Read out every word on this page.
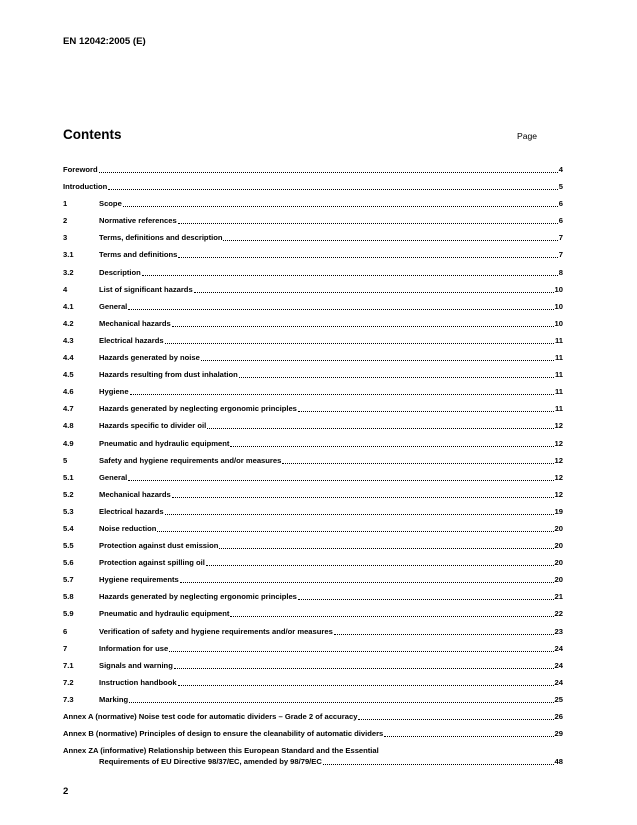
EN 12042:2005 (E)
Contents	Page
Foreword	4
Introduction	5
1	Scope	6
2	Normative references	6
3	Terms, definitions and description	7
3.1	Terms and definitions	7
3.2	Description	8
4	List of significant hazards	10
4.1	General	10
4.2	Mechanical hazards	10
4.3	Electrical hazards	11
4.4	Hazards generated by noise	11
4.5	Hazards resulting from dust inhalation	11
4.6	Hygiene	11
4.7	Hazards generated by neglecting ergonomic principles	11
4.8	Hazards specific to divider oil	12
4.9	Pneumatic and hydraulic equipment	12
5	Safety and hygiene requirements and/or measures	12
5.1	General	12
5.2	Mechanical hazards	12
5.3	Electrical hazards	19
5.4	Noise reduction	20
5.5	Protection against dust emission	20
5.6	Protection against spilling oil	20
5.7	Hygiene requirements	20
5.8	Hazards generated by neglecting ergonomic principles	21
5.9	Pneumatic and hydraulic equipment	22
6	Verification of safety and hygiene requirements and/or measures	23
7	Information for use	24
7.1	Signals and warning	24
7.2	Instruction handbook	24
7.3	Marking	25
Annex A (normative) Noise test code for automatic dividers – Grade 2 of accuracy	26
Annex B (normative) Principles of design to ensure the cleanability of automatic dividers	29
Annex ZA (informative) Relationship between this European Standard and the Essential
Requirements of EU Directive 98/37/EC, amended by 98/79/EC	48
2
